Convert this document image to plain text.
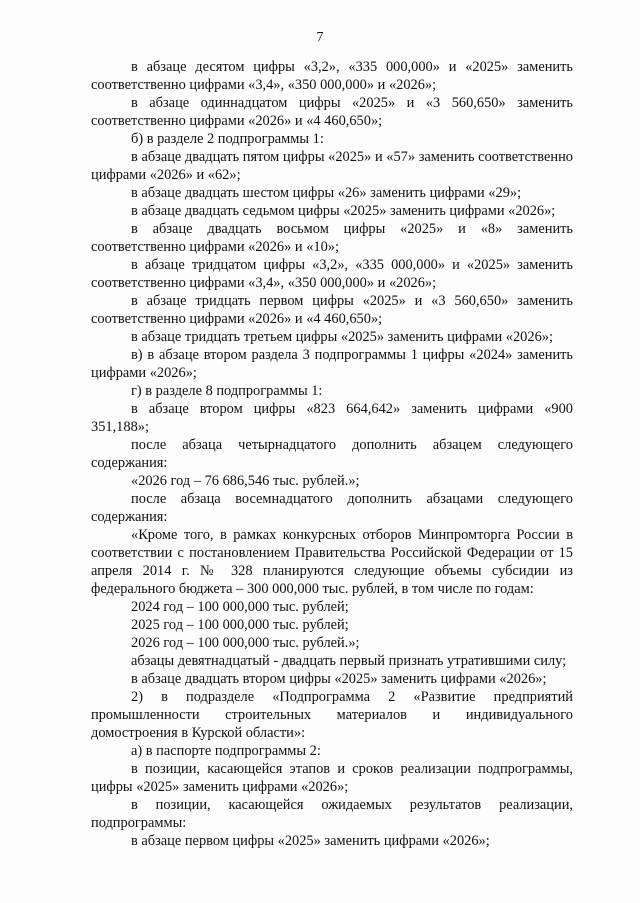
7

в абзаце десятом цифры «3,2», «335 000,000» и «2025» заменить соответственно цифрами «3,4», «350 000,000» и «2026»;

в абзаце одиннадцатом цифры «2025» и «3 560,650» заменить соответственно цифрами «2026» и «4 460,650»;

б) в разделе 2 подпрограммы 1:

в абзаце двадцать пятом цифры «2025» и «57» заменить соответственно цифрами «2026» и «62»;

в абзаце двадцать шестом цифры «26» заменить цифрами «29»;

в абзаце двадцать седьмом цифры «2025» заменить цифрами «2026»;

в абзаце двадцать восьмом цифры «2025» и «8» заменить соответственно цифрами «2026» и «10»;

в абзаце тридцатом цифры «3,2», «335 000,000» и «2025» заменить соответственно цифрами «3,4», «350 000,000» и «2026»;

в абзаце тридцать первом цифры «2025» и «3 560,650» заменить соответственно цифрами «2026» и «4 460,650»;

в абзаце тридцать третьем цифры «2025» заменить цифрами «2026»;

в) в абзаце втором раздела 3 подпрограммы 1 цифры «2024» заменить цифрами «2026»;

г) в разделе 8 подпрограммы 1:

в абзаце втором цифры «823 664,642» заменить цифрами «900 351,188»;

после абзаца четырнадцатого дополнить абзацем следующего содержания:

«2026 год – 76 686,546 тыс. рублей.»;

после абзаца восемнадцатого дополнить абзацами следующего содержания:

«Кроме того, в рамках конкурсных отборов Минпромторга России в соответствии с постановлением Правительства Российской Федерации от 15 апреля 2014 г. № 328 планируются следующие объемы субсидии из федерального бюджета – 300 000,000 тыс. рублей, в том числе по годам:

2024 год – 100 000,000 тыс. рублей;

2025 год – 100 000,000 тыс. рублей;

2026 год – 100 000,000 тыс. рублей.»;

абзацы девятнадцатый - двадцать первый признать утратившими силу;

в абзаце двадцать втором цифры «2025» заменить цифрами «2026»;

2) в подразделе «Подпрограмма 2 «Развитие предприятий промышленности строительных материалов и индивидуального домостроения в Курской области»:

а) в паспорте подпрограммы 2:

в позиции, касающейся этапов и сроков реализации подпрограммы, цифры «2025» заменить цифрами «2026»;

в позиции, касающейся ожидаемых результатов реализации, подпрограммы:

в абзаце первом цифры «2025» заменить цифрами «2026»;
